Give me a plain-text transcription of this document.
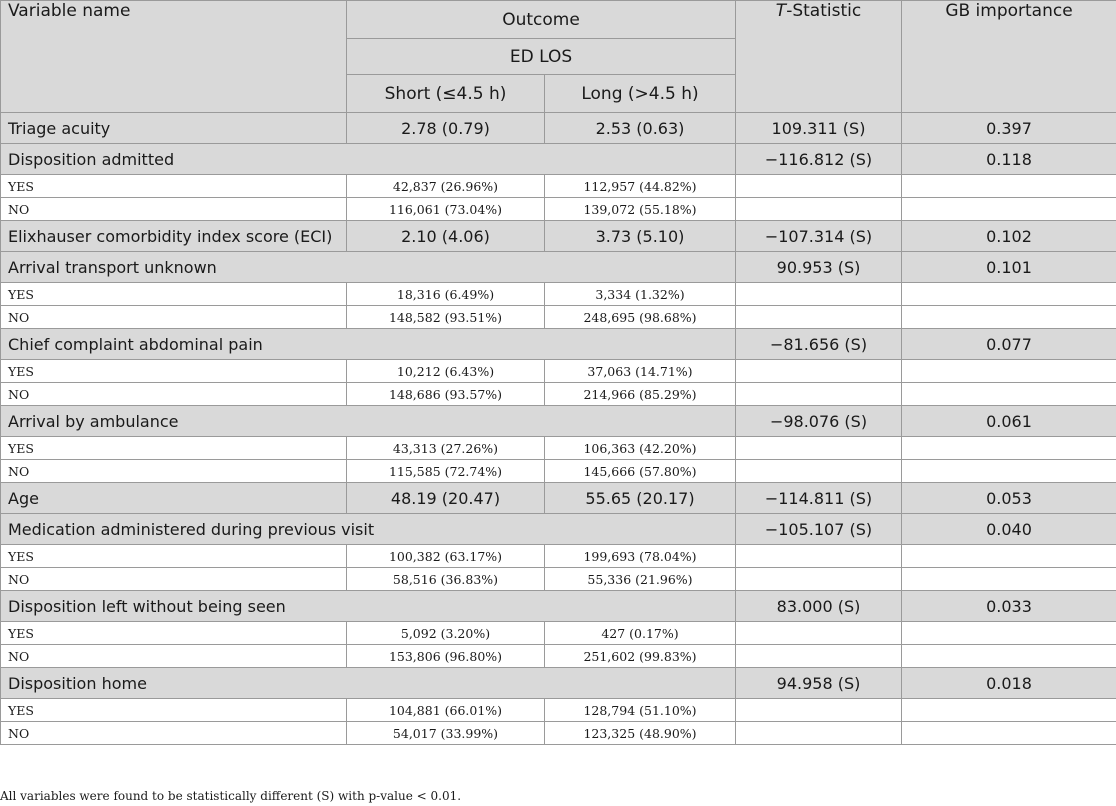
Variable name	Outcome		T-Statistic	GB importance
	ED LOS			
	Short (≤4.5 h)	Long (>4.5 h)		
Triage acuity	2.78 (0.79)	2.53 (0.63)	109.311 (S)	0.397
Disposition admitted			−116.812 (S)	0.118
YES	42,837 (26.96%)	112,957 (44.82%)		
NO	116,061 (73.04%)	139,072 (55.18%)		
Elixhauser comorbidity index score (ECI)	2.10 (4.06)	3.73 (5.10)	−107.314 (S)	0.102
Arrival transport unknown			90.953 (S)	0.101
YES	18,316 (6.49%)	3,334 (1.32%)		
NO	148,582 (93.51%)	248,695 (98.68%)		
Chief complaint abdominal pain			−81.656 (S)	0.077
YES	10,212 (6.43%)	37,063 (14.71%)		
NO	148,686 (93.57%)	214,966 (85.29%)		
Arrival by ambulance			−98.076 (S)	0.061
YES	43,313 (27.26%)	106,363 (42.20%)		
NO	115,585 (72.74%)	145,666 (57.80%)		
Age	48.19 (20.47)	55.65 (20.17)	−114.811 (S)	0.053
Medication administered during previous visit			−105.107 (S)	0.040
YES	100,382 (63.17%)	199,693 (78.04%)		
NO	58,516 (36.83%)	55,336 (21.96%)		
Disposition left without being seen			83.000 (S)	0.033
YES	5,092 (3.20%)	427 (0.17%)		
NO	153,806 (96.80%)	251,602 (99.83%)		
Disposition home			94.958 (S)	0.018
YES	104,881 (66.01%)	128,794 (51.10%)		
NO	54,017 (33.99%)	123,325 (48.90%)		
All variables were found to be statistically different (S) with p-value < 0.01.
